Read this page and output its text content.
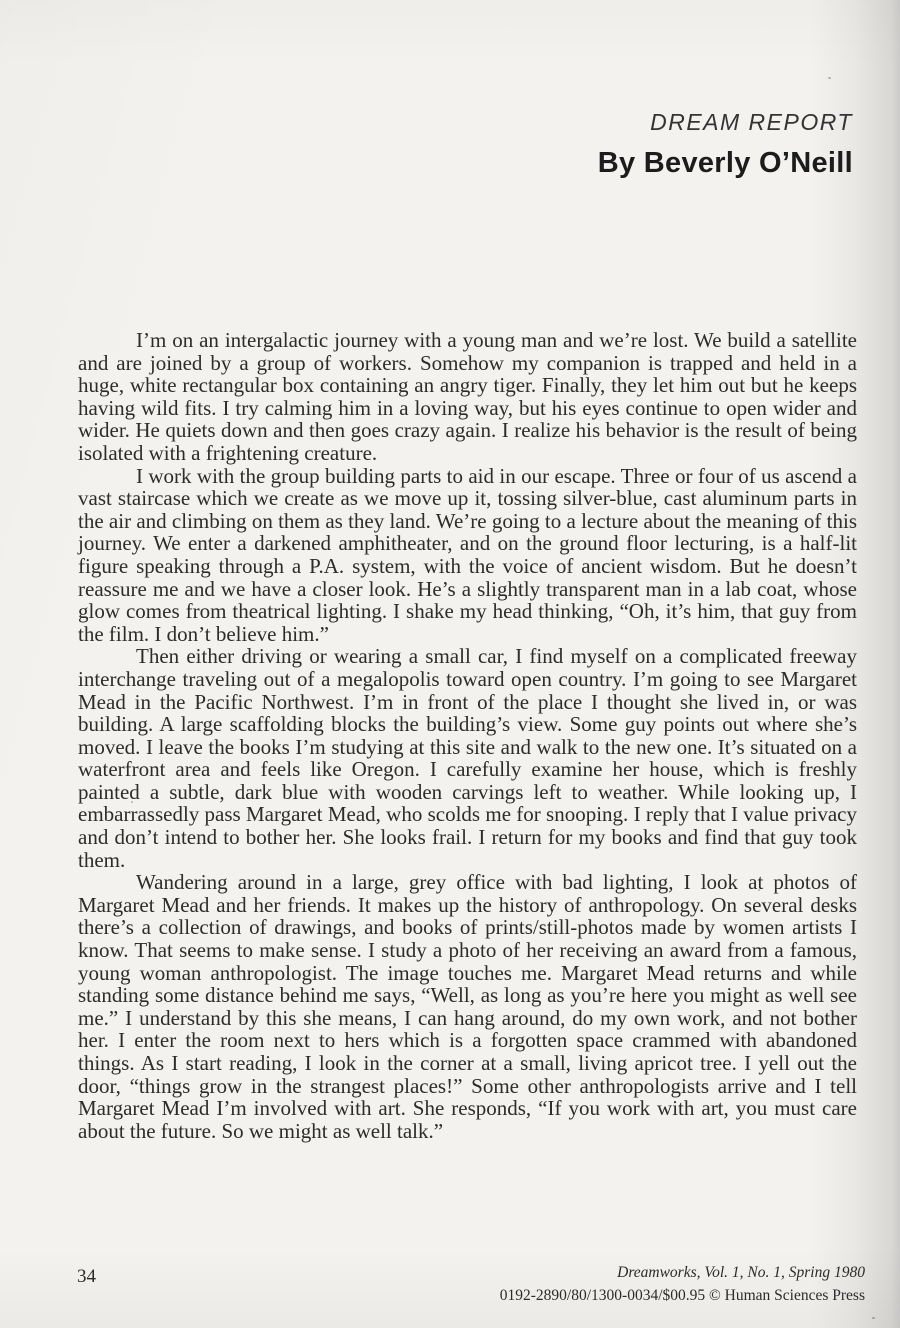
DREAM REPORT
By Beverly O’Neill

I’m on an intergalactic journey with a young man and we’re lost. We build a satellite and are joined by a group of workers. Somehow my companion is trapped and held in a huge, white rectangular box containing an angry tiger. Finally, they let him out but he keeps having wild fits. I try calming him in a loving way, but his eyes continue to open wider and wider. He quiets down and then goes crazy again. I realize his behavior is the result of being isolated with a frightening creature.

I work with the group building parts to aid in our escape. Three or four of us ascend a vast staircase which we create as we move up it, tossing silver-blue, cast aluminum parts in the air and climbing on them as they land. We’re going to a lecture about the meaning of this journey. We enter a darkened amphitheater, and on the ground floor lecturing, is a half-lit figure speaking through a P.A. system, with the voice of ancient wisdom. But he doesn’t reassure me and we have a closer look. He’s a slightly transparent man in a lab coat, whose glow comes from theatrical lighting. I shake my head thinking, “Oh, it’s him, that guy from the film. I don’t believe him.”

Then either driving or wearing a small car, I find myself on a complicated freeway interchange traveling out of a megalopolis toward open country. I’m going to see Margaret Mead in the Pacific Northwest. I’m in front of the place I thought she lived in, or was building. A large scaffolding blocks the building’s view. Some guy points out where she’s moved. I leave the books I’m studying at this site and walk to the new one. It’s situated on a waterfront area and feels like Oregon. I carefully examine her house, which is freshly painted a subtle, dark blue with wooden carvings left to weather. While looking up, I embarrassedly pass Margaret Mead, who scolds me for snooping. I reply that I value privacy and don’t intend to bother her. She looks frail. I return for my books and find that guy took them.

Wandering around in a large, grey office with bad lighting, I look at photos of Margaret Mead and her friends. It makes up the history of anthropology. On several desks there’s a collection of drawings, and books of prints/still-photos made by women artists I know. That seems to make sense. I study a photo of her receiving an award from a famous, young woman anthropologist. The image touches me. Margaret Mead returns and while standing some distance behind me says, “Well, as long as you’re here you might as well see me.” I understand by this she means, I can hang around, do my own work, and not bother her. I enter the room next to hers which is a forgotten space crammed with abandoned things. As I start reading, I look in the corner at a small, living apricot tree. I yell out the door, “things grow in the strangest places!” Some other anthropologists arrive and I tell Margaret Mead I’m involved with art. She responds, “If you work with art, you must care about the future. So we might as well talk.”

34	Dreamworks, Vol. 1, No. 1, Spring 1980
0192-2890/80/1300-0034/$00.95 © Human Sciences Press
